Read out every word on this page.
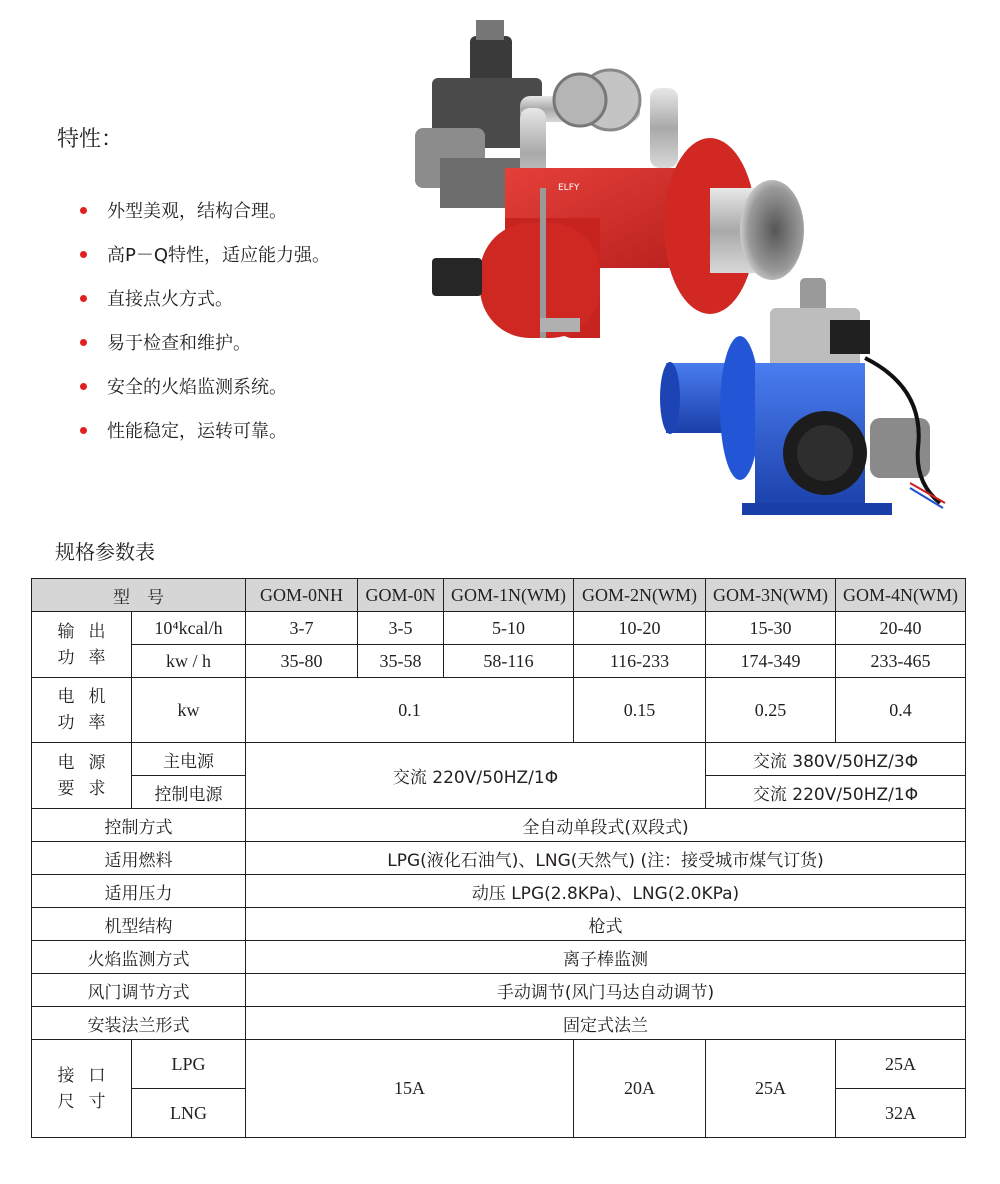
特性：
外型美观，结构合理。
高P－Q特性，适应能力强。
直接点火方式。
易于检查和维护。
安全的火焰监测系统。
性能稳定，运转可靠。
ELFY
规格参数表
型　号		GOM-0NH	GOM-0N	GOM-1N(WM)	GOM-2N(WM)	GOM-3N(WM)	GOM-4N(WM)
输出功率	10⁴kcal/h	3-7	3-5	5-10	10-20	15-30	20-40
	kw / h	35-80	35-58	58-116	116-233	174-349	233-465
电机功率	kw	0.1			0.15	0.25	0.4
电源要求	主电源	交流 220V/50HZ/1Φ				交流 380V/50HZ/3Φ	
	控制电源					交流 220V/50HZ/1Φ	
控制方式		全自动单段式(双段式)					
适用燃料		LPG(液化石油气)、LNG(天然气) (注：接受城市煤气订货)					
适用压力		动压 LPG(2.8KPa)、LNG(2.0KPa)					
机型结构		枪式					
火焰监测方式		离子棒监测					
风门调节方式		手动调节(风门马达自动调节)					
安装法兰形式		固定式法兰					
接口尺寸	LPG	15A			20A	25A	25A
	LNG						32A
